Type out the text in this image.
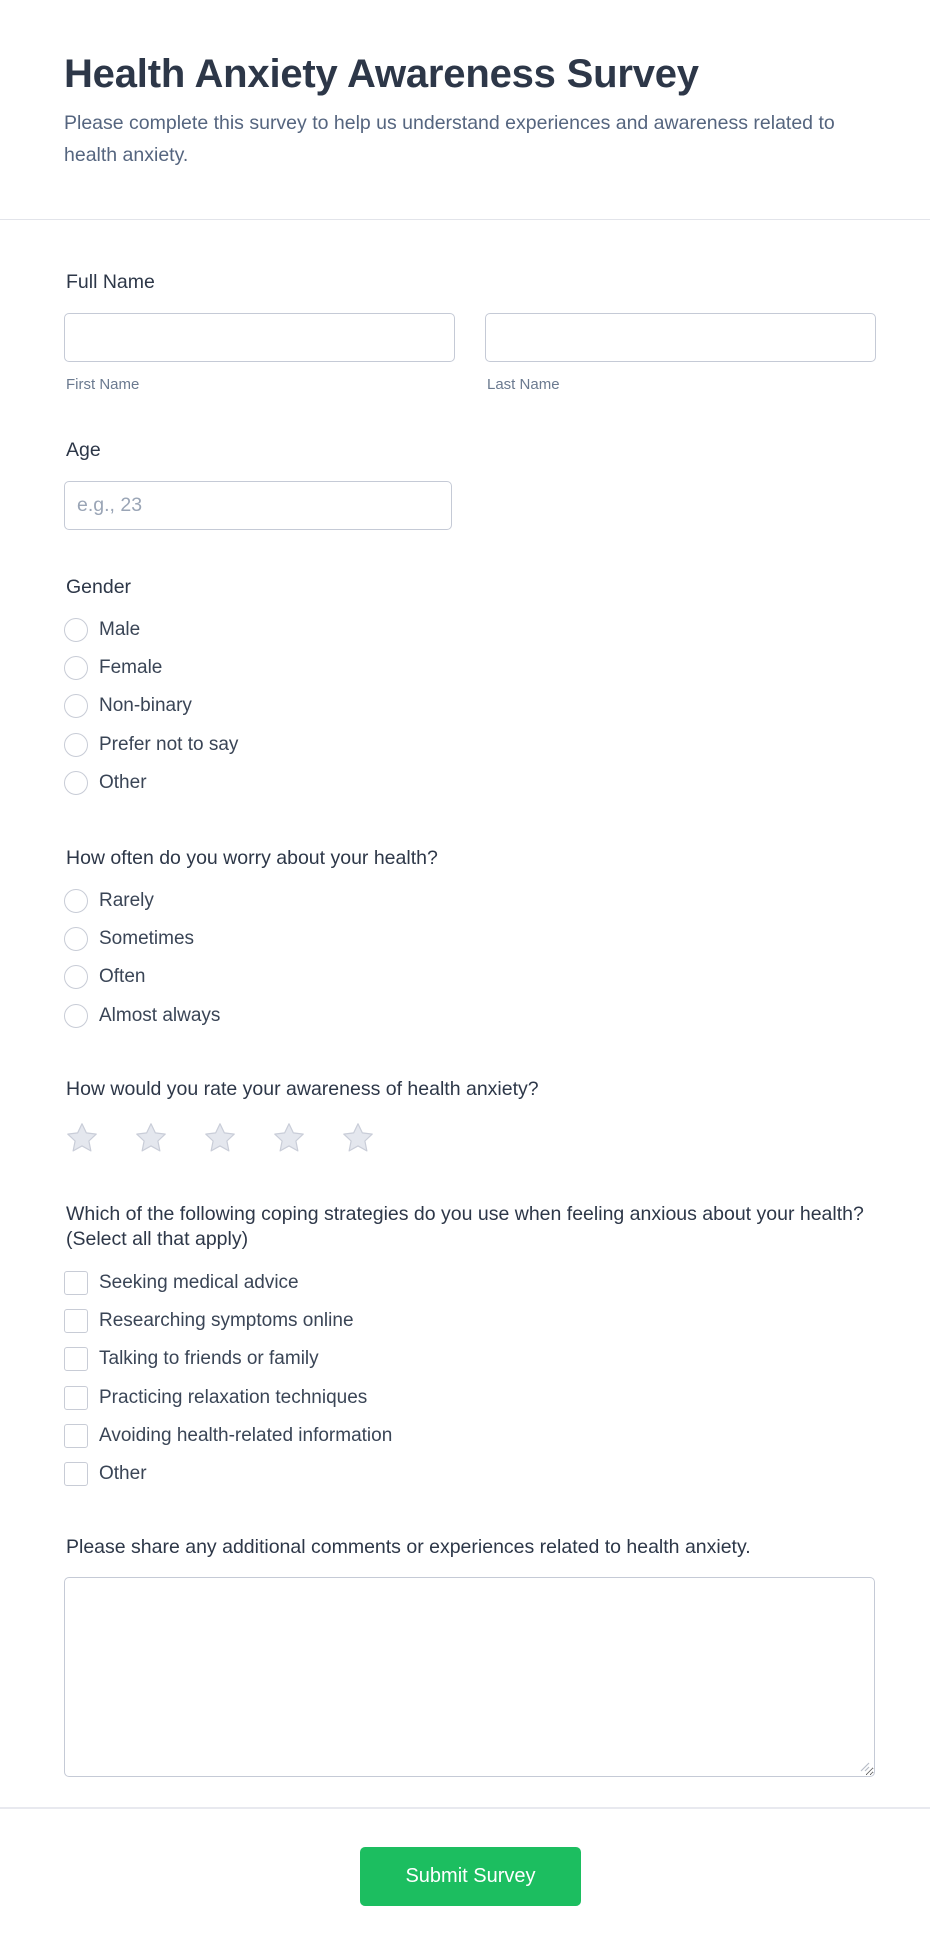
Health Anxiety Awareness Survey

Please complete this survey to help us understand experiences and awareness related to health anxiety.

Full Name
First Name	Last Name
Age
e.g., 23
Gender
Male
Female
Non-binary
Prefer not to say
Other
How often do you worry about your health?
Rarely
Sometimes
Often
Almost always
How would you rate your awareness of health anxiety?
Which of the following coping strategies do you use when feeling anxious about your health? (Select all that apply)
Seeking medical advice
Researching symptoms online
Talking to friends or family
Practicing relaxation techniques
Avoiding health-related information
Other
Please share any additional comments or experiences related to health anxiety.
Submit Survey
